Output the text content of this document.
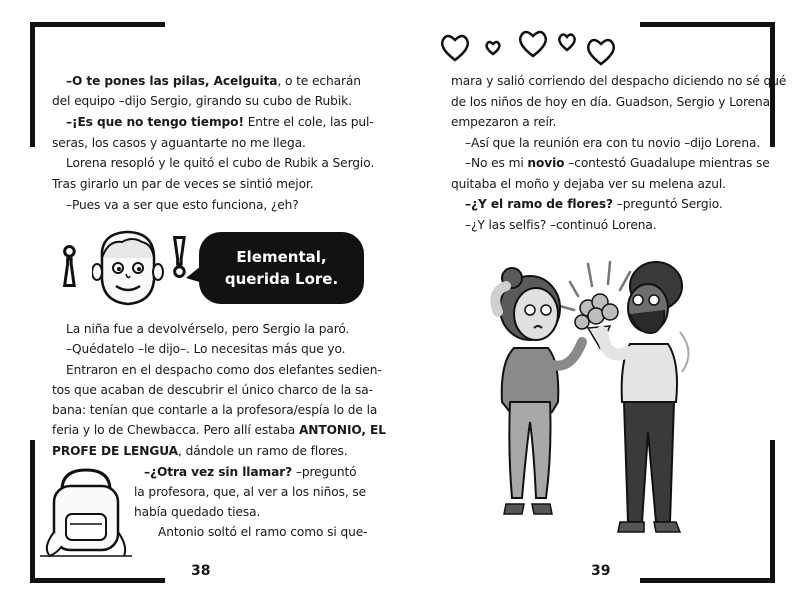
–O te pones las pilas, Acelguita, o te echarán
del equipo –dijo Sergio, girando su cubo de Rubik.
–¡Es que no tengo tiempo! Entre el cole, las pul-
seras, los casos y aguantarte no me llega.
Lorena resopló y le quitó el cubo de Rubik a Sergio.
Tras girarlo un par de veces se sintió mejor.
–Pues va a ser que esto funciona, ¿eh?
¡ !	Elemental,
querida Lore.
La niña fue a devolvérselo, pero Sergio la paró.
–Quédatelo –le dijo–. Lo necesitas más que yo.
Entraron en el despacho como dos elefantes sedien-
tos que acaban de descubrir el único charco de la sa-
bana: tenían que contarle a la profesora/espía lo de la
feria y lo de Chewbacca. Pero allí estaba ANTONIO, EL
PROFE DE LENGUA, dándole un ramo de flores.
–¿Otra vez sin llamar? –preguntó
la profesora, que, al ver a los niños, se
había quedado tiesa.
Antonio soltó el ramo como si que-
38
mara y salió corriendo del despacho diciendo no sé qué
de los niños de hoy en día. Guadson, Sergio y Lorena
empezaron a reír.
–Así que la reunión era con tu novio –dijo Lorena.
–No es mi novio –contestó Guadalupe mientras se
quitaba el moño y dejaba ver su melena azul.
–¿Y el ramo de flores? –preguntó Sergio.
–¿Y las selfis? –continuó Lorena.
39
